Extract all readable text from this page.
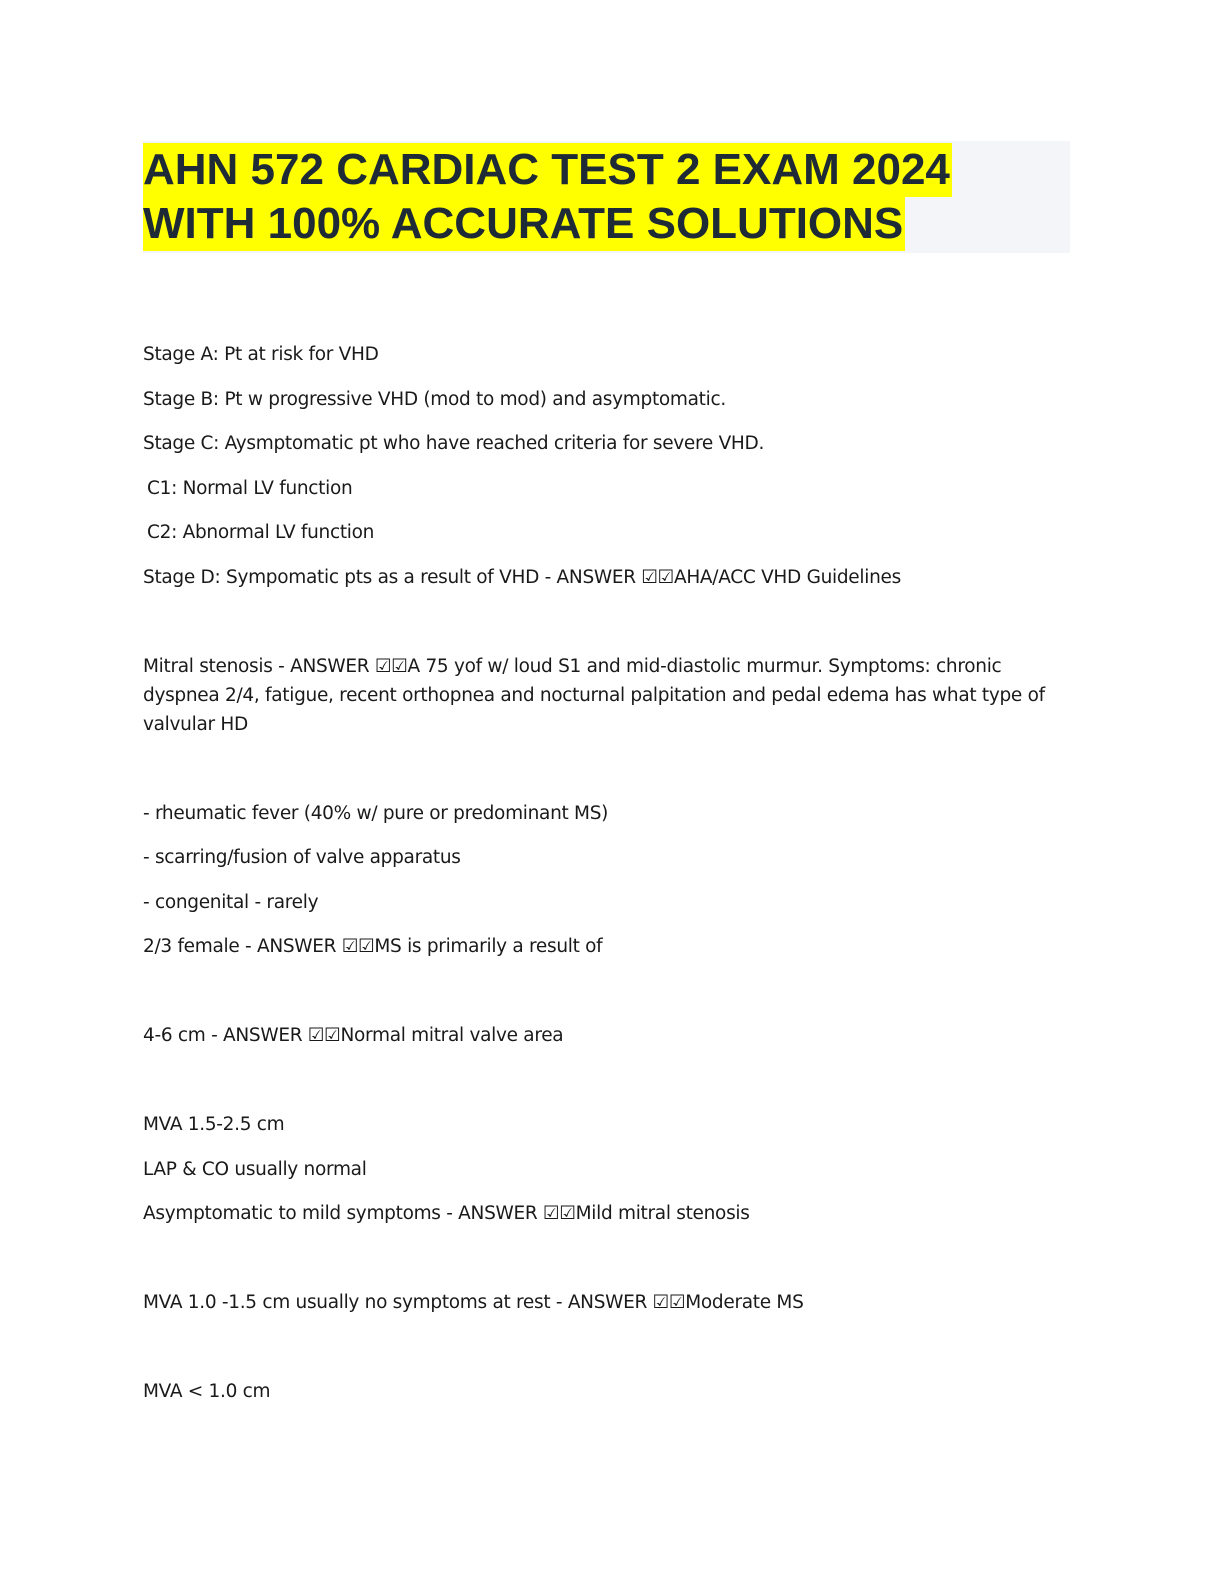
AHN 572 CARDIAC TEST 2 EXAM 2024
WITH 100% ACCURATE SOLUTIONS
Stage A: Pt at risk for VHD
Stage B: Pt w progressive VHD (mod to mod) and asymptomatic.
Stage C: Aysmptomatic pt who have reached criteria for severe VHD.
C1: Normal LV function
C2: Abnormal LV function
Stage D: Sympomatic pts as a result of VHD - ANSWER ☑☑AHA/ACC VHD Guidelines
Mitral stenosis - ANSWER ☑☑A 75 yof w/ loud S1 and mid-diastolic murmur. Symptoms: chronic
dyspnea 2/4, fatigue, recent orthopnea and nocturnal palpitation and pedal edema has what type of
valvular HD
- rheumatic fever (40% w/ pure or predominant MS)
- scarring/fusion of valve apparatus
- congenital - rarely
2/3 female - ANSWER ☑☑MS is primarily a result of
4-6 cm - ANSWER ☑☑Normal mitral valve area
MVA 1.5-2.5 cm
LAP & CO usually normal
Asymptomatic to mild symptoms - ANSWER ☑☑Mild mitral stenosis
MVA 1.0 -1.5 cm usually no symptoms at rest - ANSWER ☑☑Moderate MS
MVA < 1.0 cm
